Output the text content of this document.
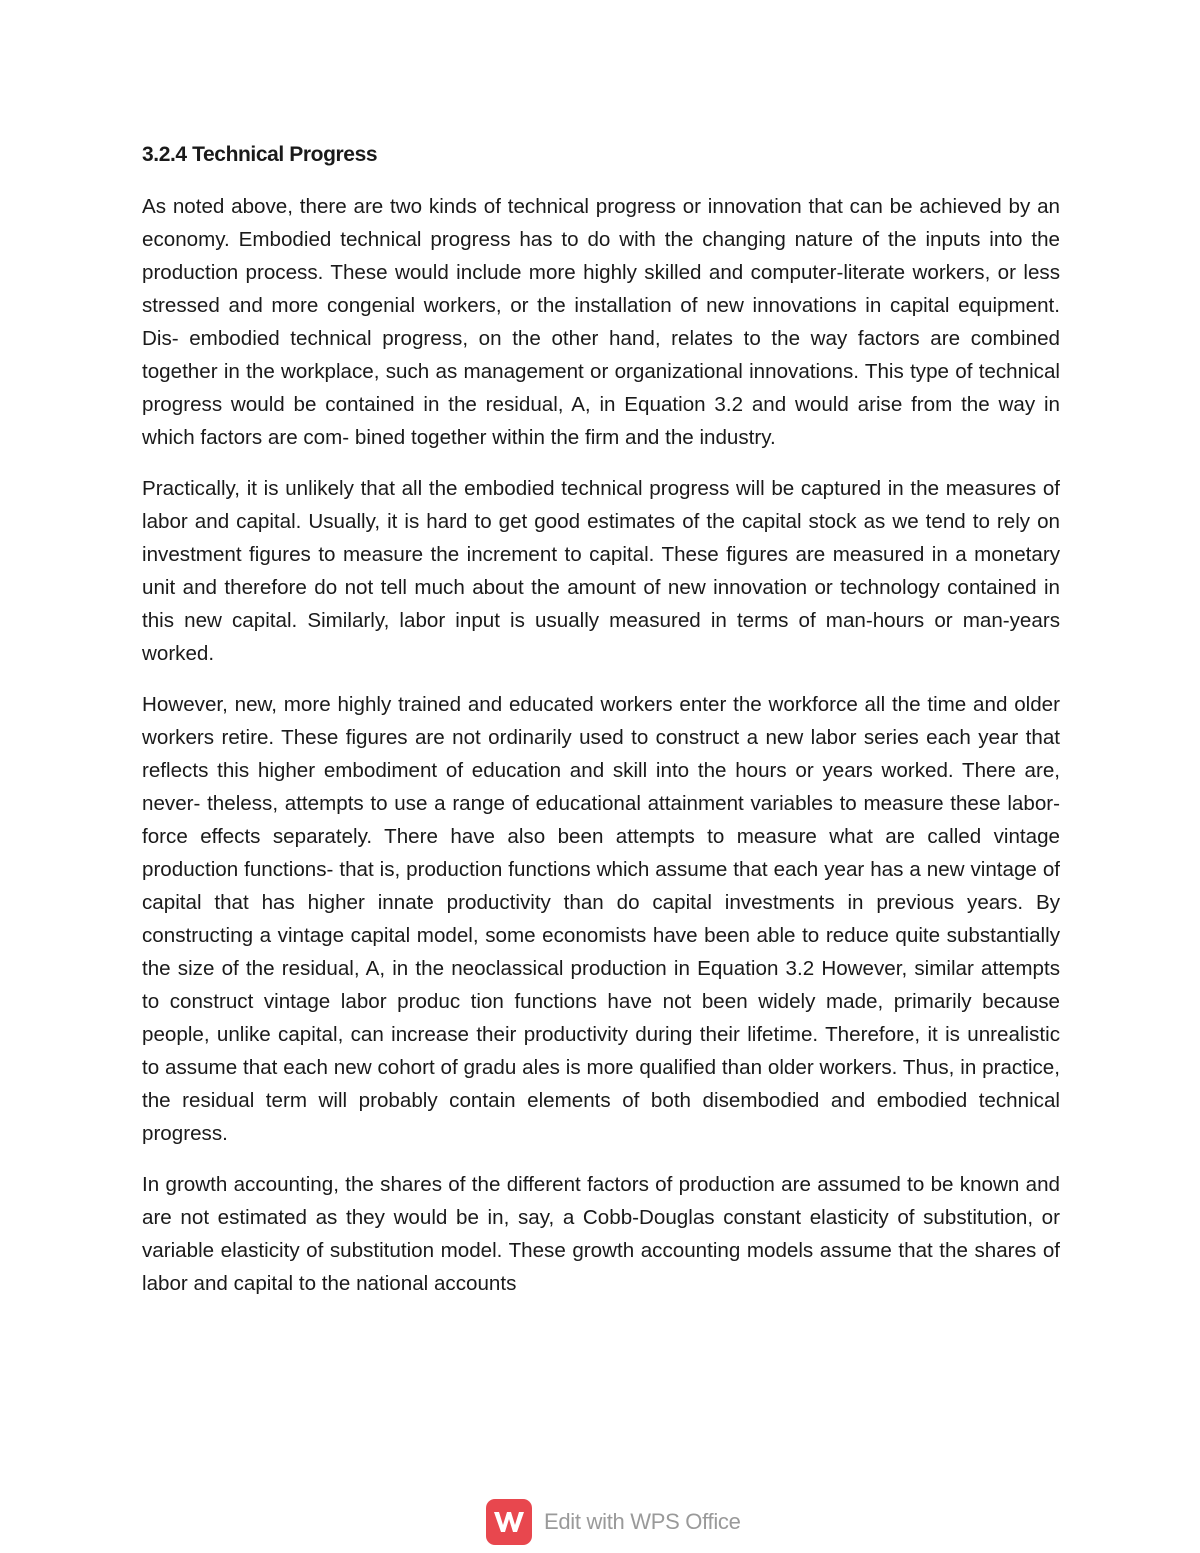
3.2.4 Technical Progress

As noted above, there are two kinds of technical progress or innovation that can be achieved by an economy. Embodied technical progress has to do with the changing nature of the inputs into the production process. These would include more highly skilled and computer-literate workers, or less stressed and more congenial workers, or the installation of new innovations in capital equipment. Dis- embodied technical progress, on the other hand, relates to the way factors are combined together in the workplace, such as management or organizational innovations. This type of technical progress would be contained in the residual, A, in Equation 3.2 and would arise from the way in which factors are com- bined together within the firm and the industry.

Practically, it is unlikely that all the embodied technical progress will be captured in the measures of labor and capital. Usually, it is hard to get good estimates of the capital stock as we tend to rely on investment figures to measure the increment to capital. These figures are measured in a monetary unit and therefore do not tell much about the amount of new innovation or technology contained in this new capital. Similarly, labor input is usually measured in terms of man-hours or man-years worked.

However, new, more highly trained and educated workers enter the workforce all the time and older workers retire. These figures are not ordinarily used to construct a new labor series each year that reflects this higher embodiment of education and skill into the hours or years worked. There are, never- theless, attempts to use a range of educational attainment variables to measure these labor-force effects separately. There have also been attempts to measure what are called vintage production functions- that is, production functions which assume that each year has a new vintage of capital that has higher innate productivity than do capital investments in previous years. By constructing a vintage capital model, some economists have been able to reduce quite substantially the size of the residual, A, in the neoclassical production in Equation 3.2 However, similar attempts to construct vintage labor produc tion functions have not been widely made, primarily because people, unlike capital, can increase their productivity during their lifetime. Therefore, it is unrealistic to assume that each new cohort of gradu ales is more qualified than older workers. Thus, in practice, the residual term will probably contain elements of both disembodied and embodied technical progress.

In growth accounting, the shares of the different factors of production are assumed to be known and are not estimated as they would be in, say, a Cobb-Douglas constant elasticity of substitution, or variable elasticity of substitution model. These growth accounting models assume that the shares of labor and capital to the national accounts

Edit with WPS Office
